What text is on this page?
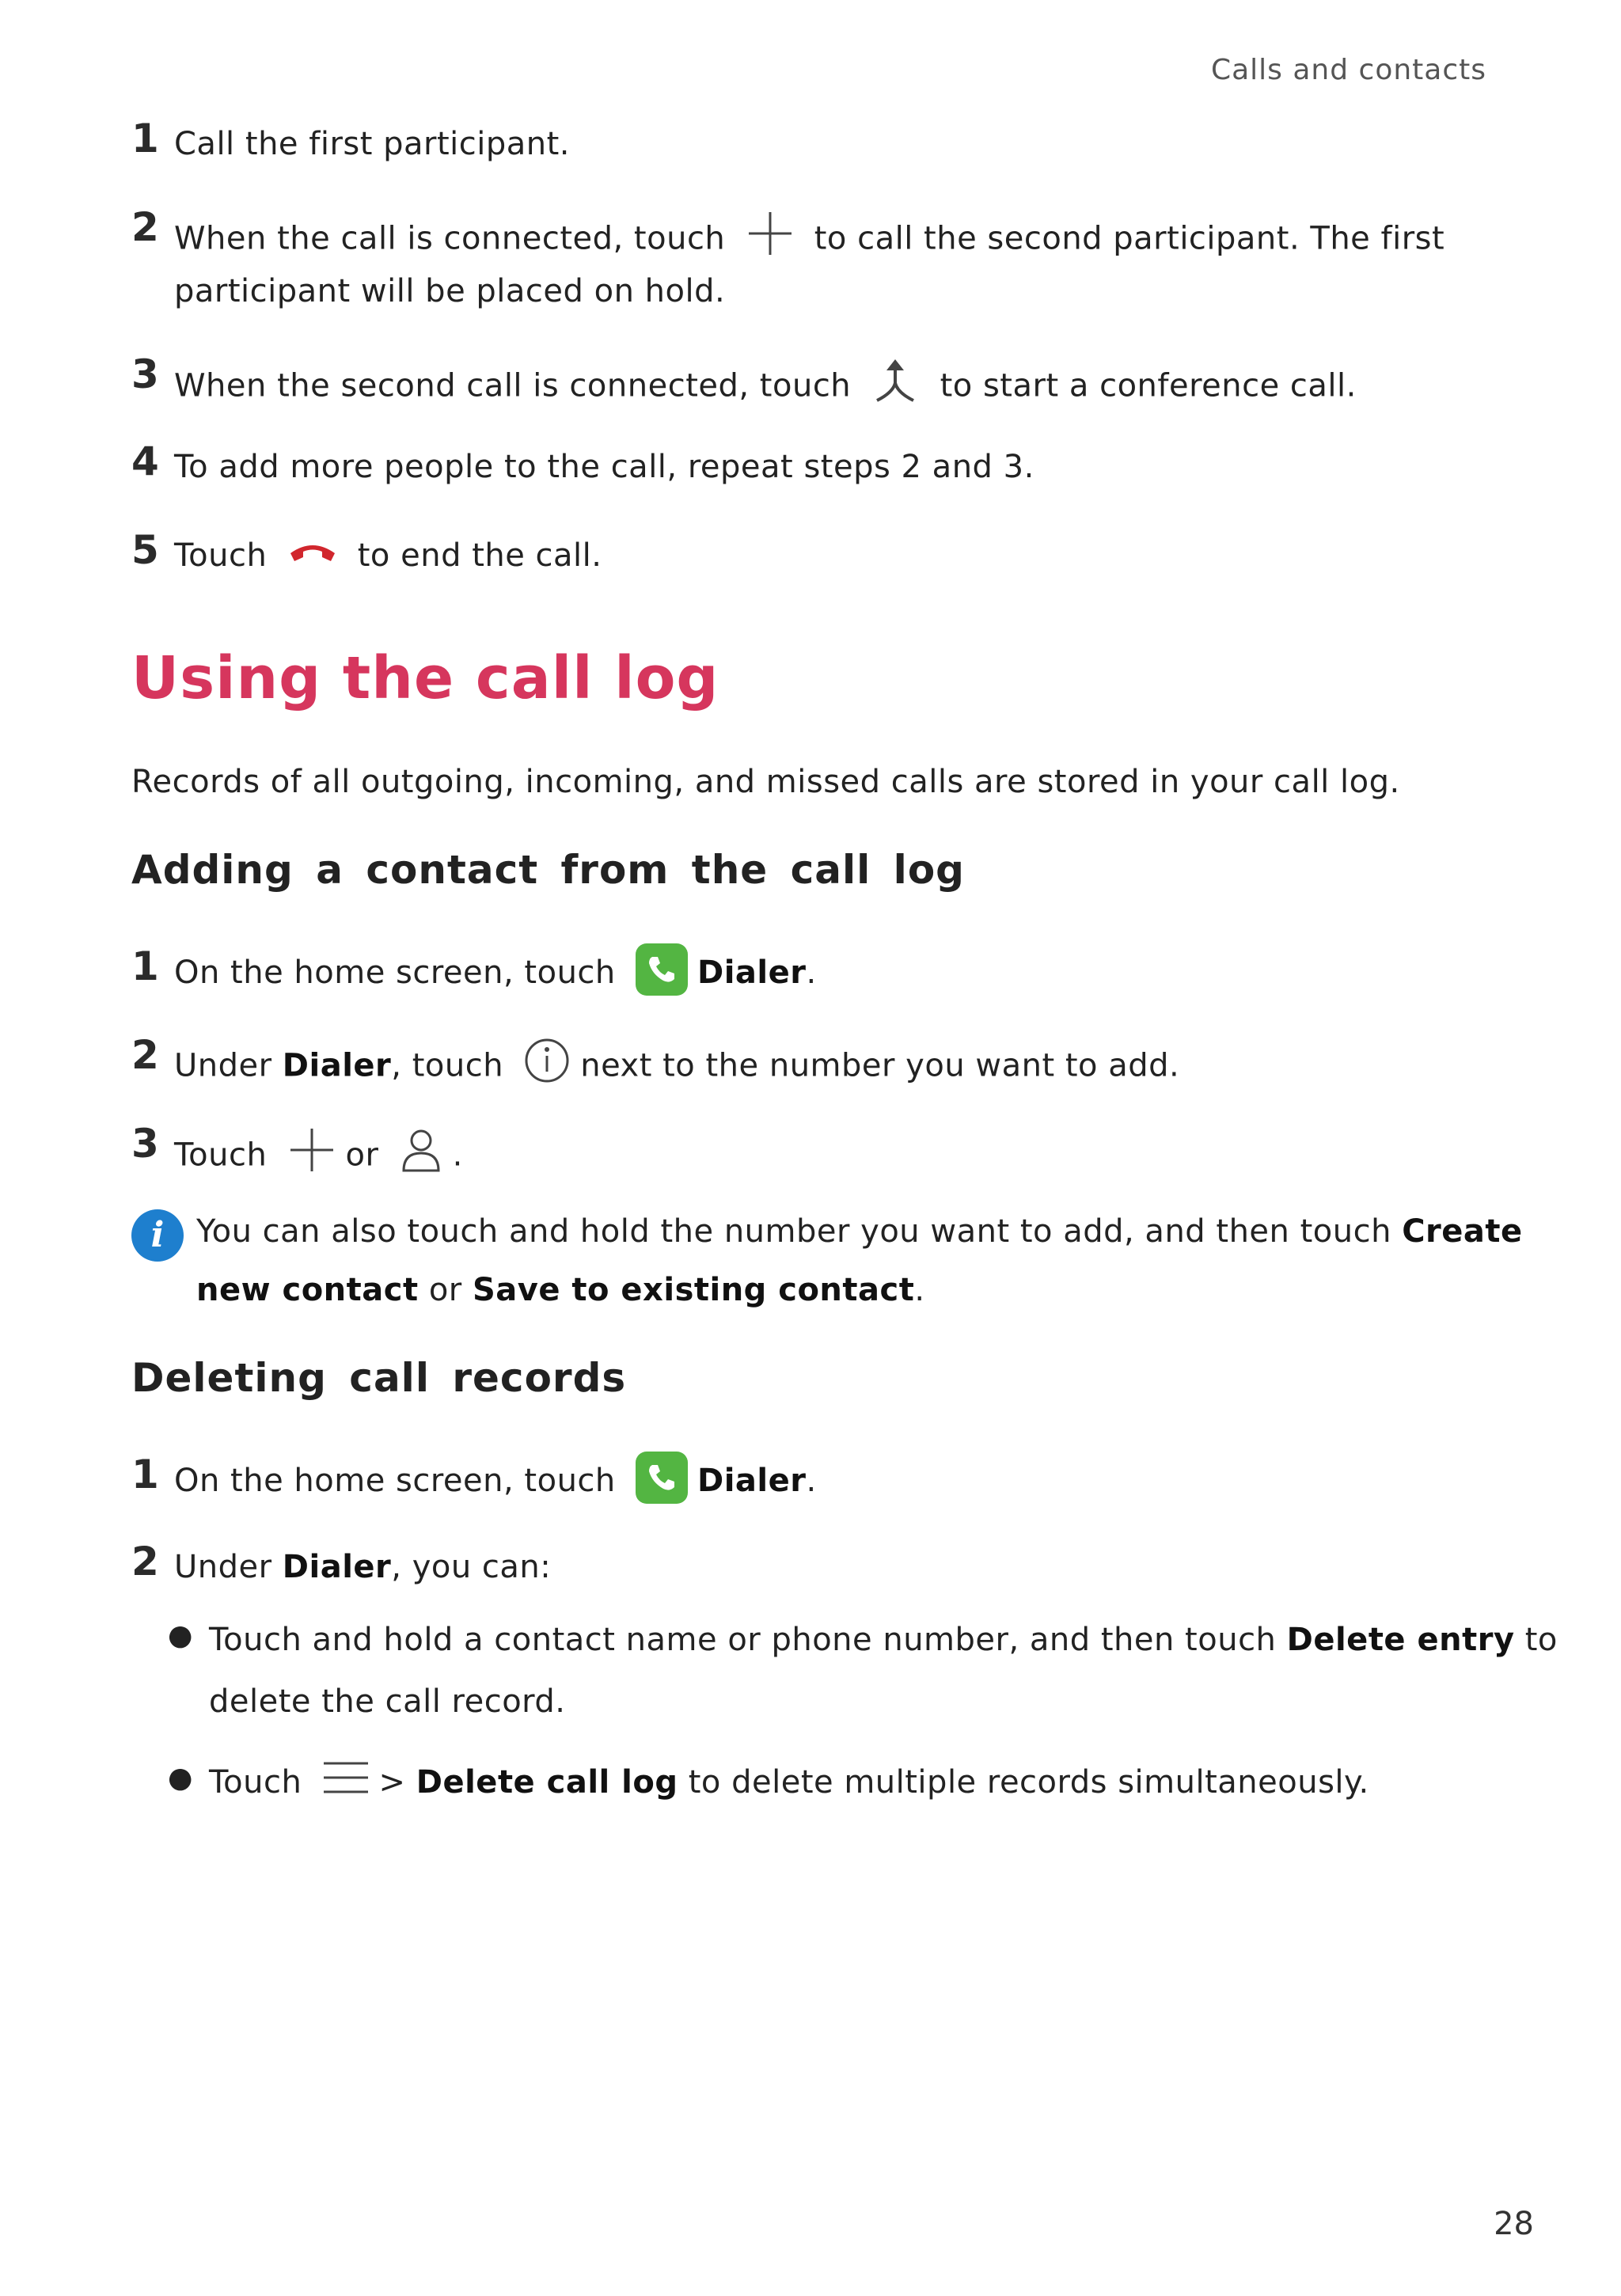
Calls and contacts
1 Call the first participant.
2 When the call is connected, touch	to call the second participant. The first
participant will be placed on hold.
3 When the second call is connected, touch	to start a conference call.
4 To add more people to the call, repeat steps 2 and 3.
5 Touch	to end the call.
Using the call log
Records of all outgoing, incoming, and missed calls are stored in your call log.
Adding a contact from the call log
1 On the home screen, touch	Dialer.
2 Under Dialer, touch next to the number you want to add.
3 Touch or .
i	You can also touch and hold the number you want to add, and then touch Create
new contact or Save to existing contact.
Deleting call records
1 On the home screen, touch	Dialer.
2 Under Dialer, you can:
● Touch and hold a contact name or phone number, and then touch Delete entry to
delete the call record.
● Touch > Delete call log to delete multiple records simultaneously.
28
